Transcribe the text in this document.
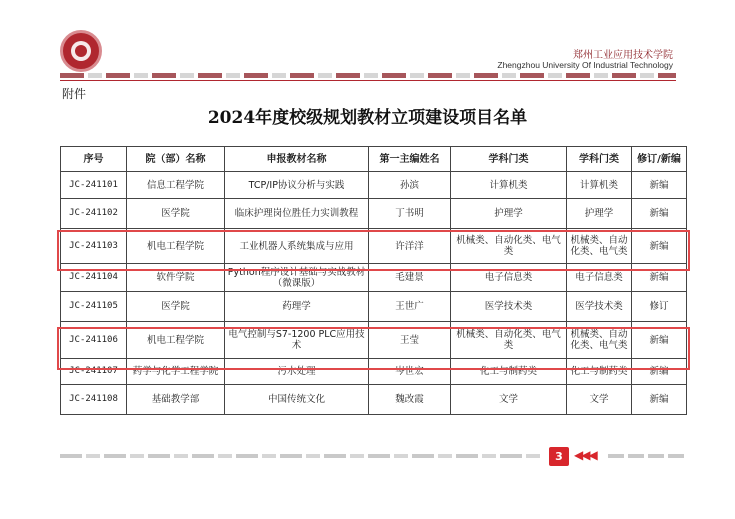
郑州工业应用技术学院
Zhengzhou University Of Industrial Technology
附件
2024年度校级规划教材立项建设项目名单
序号	院（部）名称	申报教材名称	第一主编姓名	学科门类	学科门类	修订/新编
JC-241101	信息工程学院	TCP/IP协议分析与实践	孙滨	计算机类	计算机类	新编
JC-241102	医学院	临床护理岗位胜任力实训教程	丁书明	护理学	护理学	新编
JC-241103	机电工程学院	工业机器人系统集成与应用	许洋洋	机械类、自动化类、电气类	机械类、自动化类、电气类	新编
JC-241104	软件学院	Python程序设计基础与实战教材（微课版）	毛建景	电子信息类	电子信息类	新编
JC-241105	医学院	药理学	王世广	医学技术类	医学技术类	修订
JC-241106	机电工程学院	电气控制与S7-1200 PLC应用技术	王莹	机械类、自动化类、电气类	机械类、自动化类、电气类	新编
JC-241107	药学与化学工程学院	污水处理	岑世宏	化工与制药类	化工与制药类	新编
JC-241108	基础教学部	中国传统文化	魏改霞	文学	文学	新编
3 ◀◀◀
